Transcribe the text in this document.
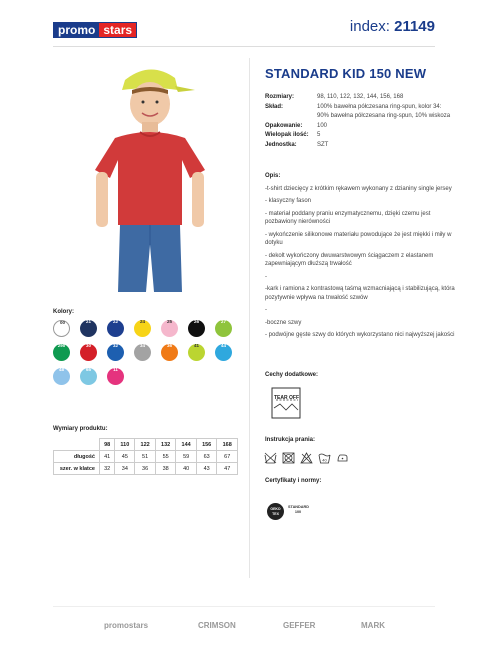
promo stars	index: 21149
STANDARD KID 150 NEW
Rozmiary:	98, 110, 122, 132, 144, 156, 168
Skład:	100% bawełna półczesana ring-spun, kolor 34: 90% bawełna półczesana ring-spun, 10% wiskoza
Opakowanie:	100
Wielopak ilość:	5
Jednostka:	SZT

Opis:

-t-shirt dziecięcy z krótkim rękawem wykonany z dzianiny single jersey

- klasyczny fason

- materiał poddany praniu enzymatycznemu, dzięki czemu jest pozbawiony nierówności

- wykończenie silikonowe materiału powodujące że jest miękki i miły w dotyku

- dekolt wykończony dwuwarstwowym ściągaczem z elastanem zapewniającym dłuższą trwałość

-

-kark i ramiona z kontrastową taśmą wzmacniającą i stabilizującą, która pozytywnie wpływa na trwałość szwów

-

-boczne szwy

- podwójne gęste szwy do których wykorzystano nici najwyższej jakości

Kolory:
00	21	22	24	25	26	27
290	30	32	34	36	41	44
48	65	11
Wymiary produktu:
	98	110	122	132	144	156	168
długość	41	45	51	55	59	63	67
szer. w klatce	32	34	36	38	40	43	47
Cechy dodatkowe:
TEAR OFF
Instrukcja prania:
40
Certyfikaty i normy:
OEKO TEX
STANDARD 100
promostars	CRIMSON	GEFFER	MARK
